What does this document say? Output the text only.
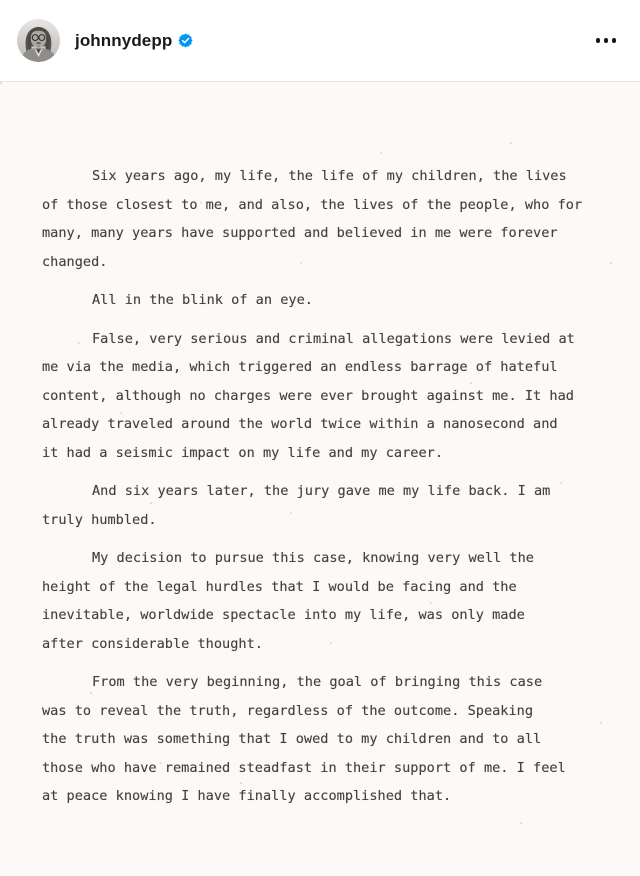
johnnydepp
Six years ago, my life, the life of my children, the lives
of those closest to me, and also, the lives of the people, who for
many, many years have supported and believed in me were forever
changed.
All in the blink of an eye.
False, very serious and criminal allegations were levied at
me via the media, which triggered an endless barrage of hateful
content, although no charges were ever brought against me. It had
already traveled around the world twice within a nanosecond and
it had a seismic impact on my life and my career.
And six years later, the jury gave me my life back. I am
truly humbled.
My decision to pursue this case, knowing very well the
height of the legal hurdles that I would be facing and the
inevitable, worldwide spectacle into my life, was only made
after considerable thought.
From the very beginning, the goal of bringing this case
was to reveal the truth, regardless of the outcome. Speaking
the truth was something that I owed to my children and to all
those who have remained steadfast in their support of me. I feel
at peace knowing I have finally accomplished that.
